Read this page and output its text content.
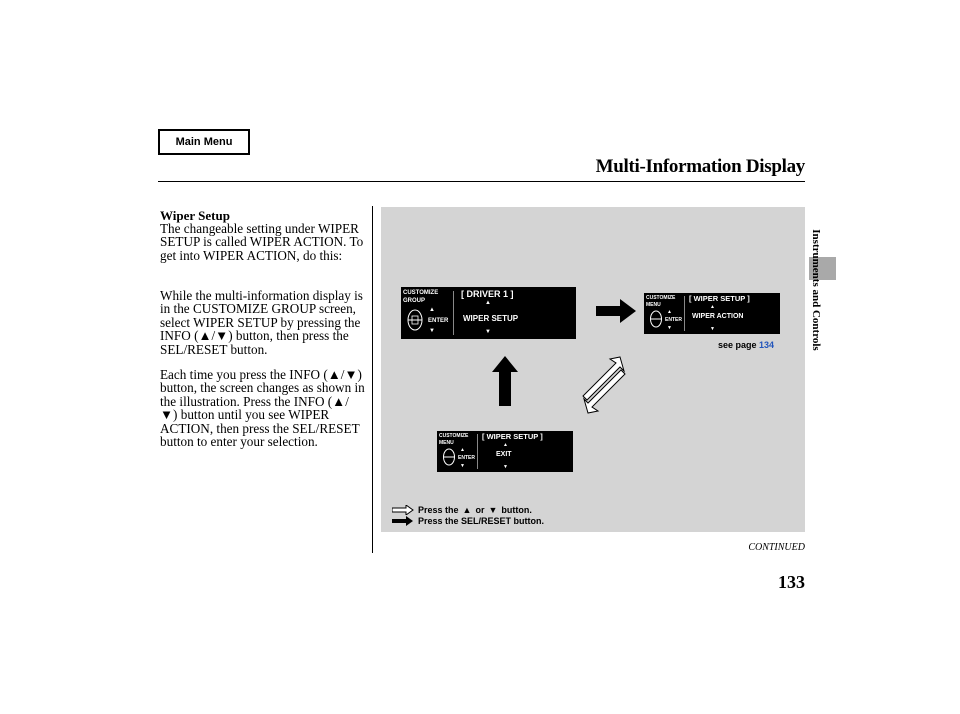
Main Menu
Multi-Information Display
Instruments and Controls
Wiper Setup
The changeable setting under WIPER SETUP is called WIPER ACTION. To get into WIPER ACTION, do this:
While the multi-information display is in the CUSTOMIZE GROUP screen, select WIPER SETUP by pressing the INFO (▲/▼) button, then press the SEL/RESET button.
Each time you press the INFO (▲/▼) button, the screen changes as shown in the illustration. Press the INFO (▲/▼) button until you see WIPER ACTION, then press the SEL/RESET button to enter your selection.
CUSTOMIZE
GROUP
▲
ENTER
▼
[ DRIVER 1 ]
▲
WIPER SETUP
▼
CUSTOMIZE
MENU
▲
ENTER
▼
[ WIPER SETUP ]
▲
WIPER ACTION
▼
see page 134
CUSTOMIZE
MENU
▲
ENTER
▼
[ WIPER SETUP ]
▲
EXIT
▼
Press the ▲ or ▼ button.
Press the SEL/RESET button.
CONTINUED
133
